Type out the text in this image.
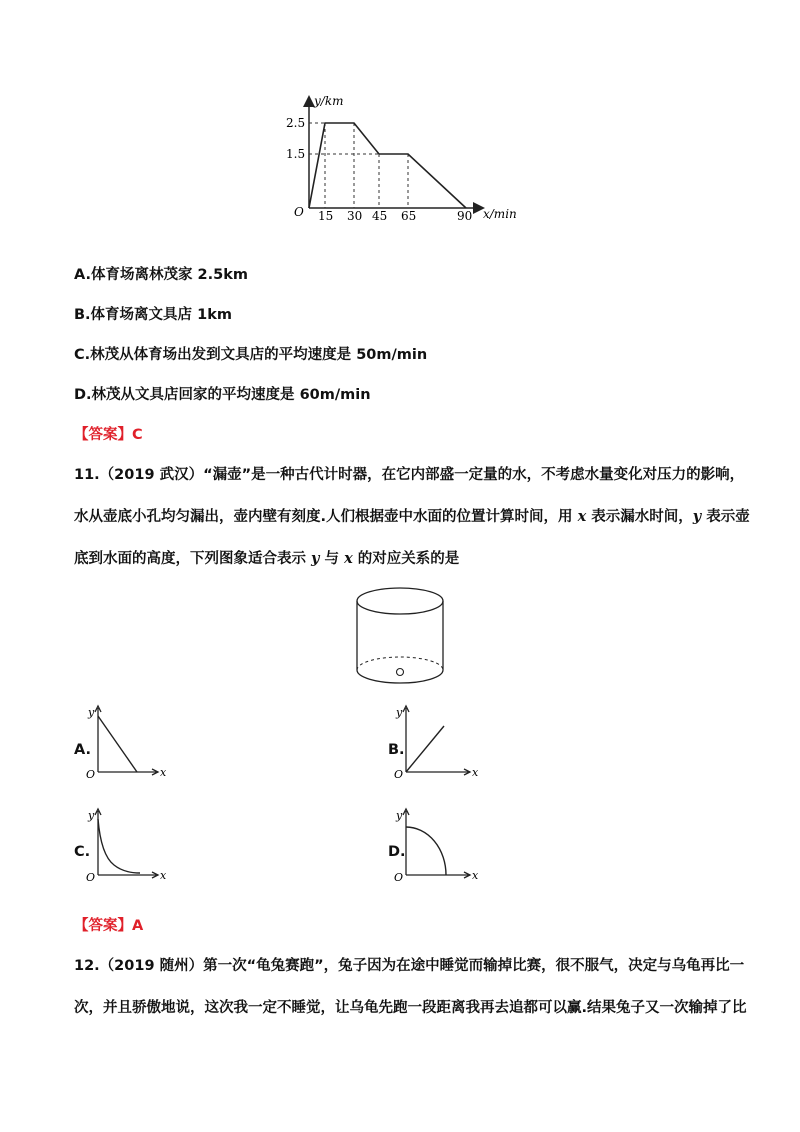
y/km
x/min
O
2.5
1.5
15 30 45 65	90
A.体育场离林茂家 2.5km
B.体育场离文具店 1km
C.林茂从体育场出发到文具店的平均速度是 50m/min
D.林茂从文具店回家的平均速度是 60m/min
【答案】C
11.（2019 武汉）“漏壶”是一种古代计时器，在它内部盛一定量的水，不考虑水量变化对压力的影响，
水从壶底小孔均匀漏出，壶内壁有刻度.人们根据壶中水面的位置计算时间，用 x 表示漏水时间，y 表示壶
底到水面的高度，下列图象适合表示 y 与 x 的对应关系的是
A.
y
O	x
B.
y
O	x
C.
y
O	x
D.
y
O	x
【答案】A
12.（2019 随州）第一次“龟兔赛跑”，兔子因为在途中睡觉而输掉比赛，很不服气，决定与乌龟再比一
次，并且骄傲地说，这次我一定不睡觉，让乌龟先跑一段距离我再去追都可以赢.结果兔子又一次输掉了比
